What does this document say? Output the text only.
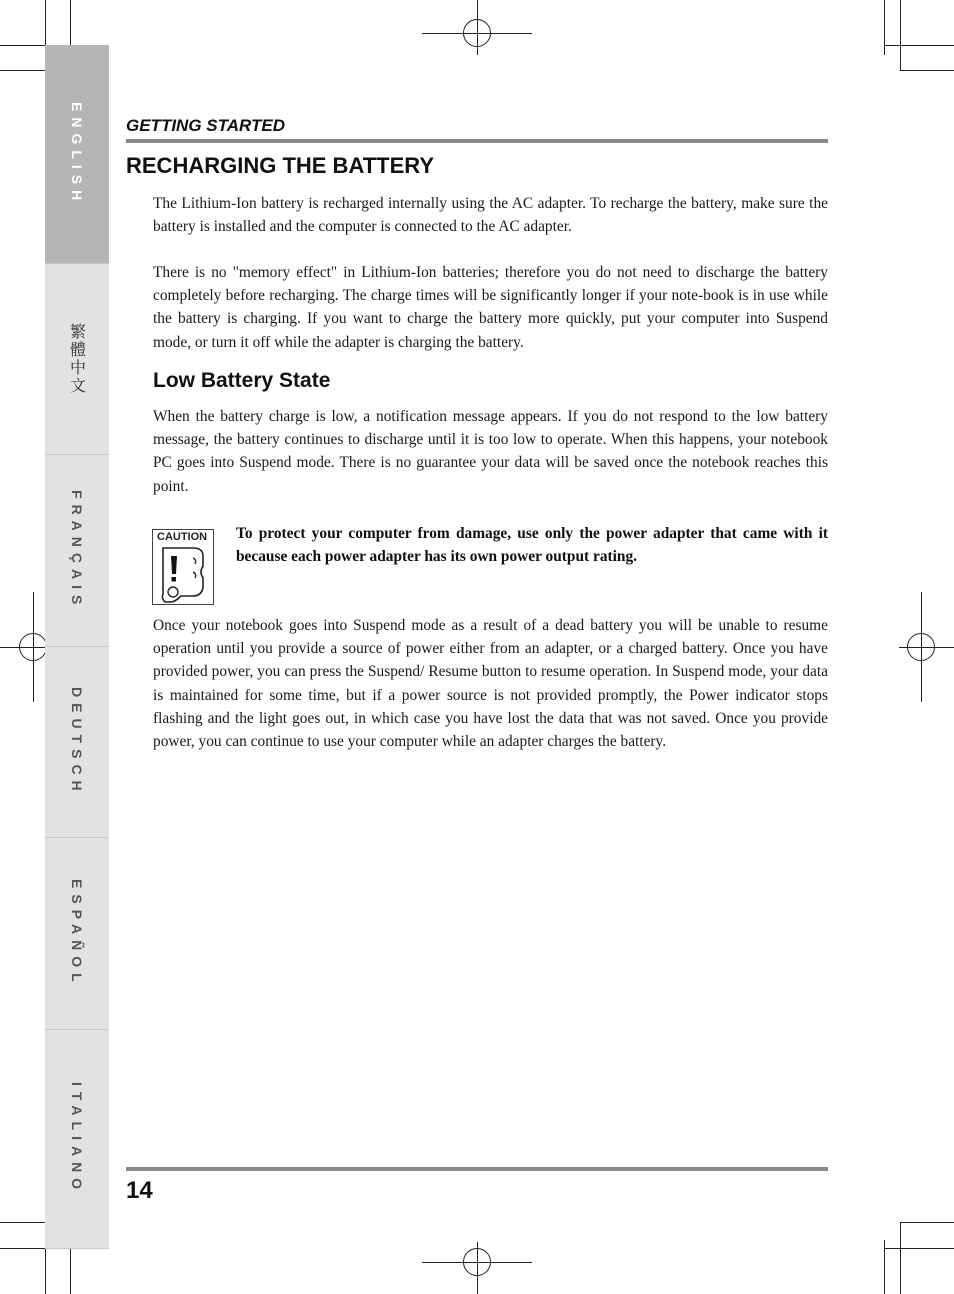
ENGLISH
繁體中文
FRANÇAIS
DEUTSCH
ESPAÑOL
ITALIANO
GETTING STARTED
RECHARGING THE BATTERY

The Lithium-Ion battery is recharged internally using the AC adapter. To recharge the battery, make sure the battery is installed and the computer is connected to the AC adapter.

There is no "memory effect" in Lithium-Ion batteries; therefore you do not need to discharge the battery completely before recharging. The charge times will be significantly longer if your note-book is in use while the battery is charging. If you want to charge the battery more quickly, put your computer into Suspend mode, or turn it off while the adapter is charging the battery.

Low Battery State

When the battery charge is low, a notification message appears. If you do not respond to the low battery message, the battery continues to discharge until it is too low to operate. When this happens, your notebook PC goes into Suspend mode. There is no guarantee your data will be saved once the notebook reaches this point.

CAUTION To protect your computer from damage, use only the power adapter that came with it because each power adapter has its own power output rating.

Once your notebook goes into Suspend mode as a result of a dead battery you will be unable to resume operation until you provide a source of power either from an adapter, or a charged battery. Once you have provided power, you can press the Suspend/ Resume button to resume operation. In Suspend mode, your data is maintained for some time, but if a power source is not provided promptly, the Power indicator stops flashing and the light goes out, in which case you have lost the data that was not saved. Once you provide power, you can continue to use your computer while an adapter charges the battery.

14
